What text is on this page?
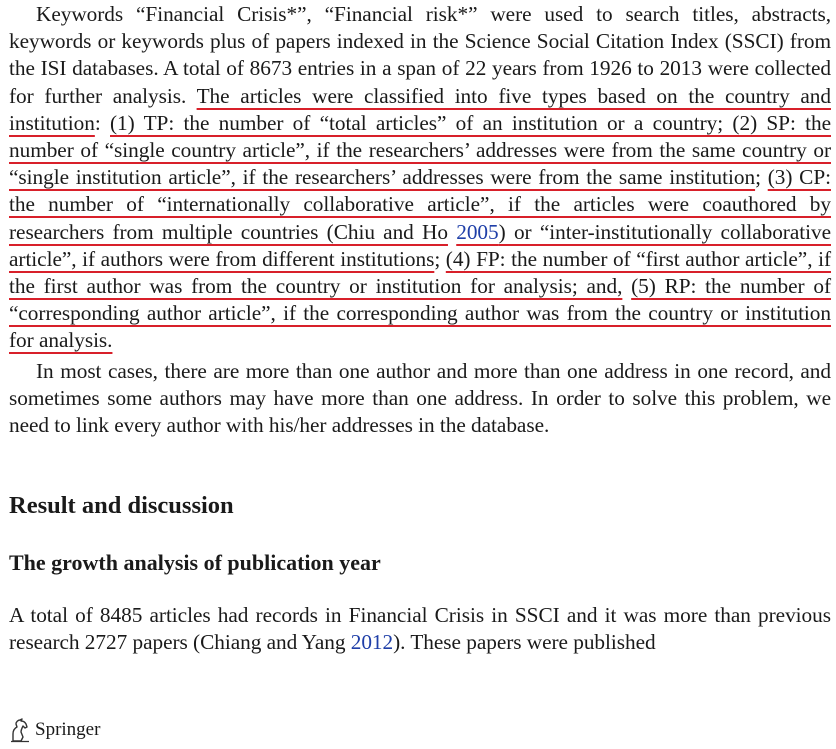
Keywords “Financial Crisis*”, “Financial risk*” were used to search titles, abstracts, keywords or keywords plus of papers indexed in the Science Social Citation Index (SSCI) from the ISI databases. A total of 8673 entries in a span of 22 years from 1926 to 2013 were collected for further analysis. The articles were classified into five types based on the country and institution: (1) TP: the number of “total articles” of an institution or a country; (2) SP: the number of “single country article”, if the researchers’ addresses were from the same country or “single institution article”, if the researchers’ addresses were from the same institution; (3) CP: the number of “internationally collaborative article”, if the articles were coauthored by researchers from multiple countries (Chiu and Ho 2005) or “inter-institutionally collaborative article”, if authors were from different institutions; (4) FP: the number of “first author article”, if the first author was from the country or institution for analysis; and, (5) RP: the number of “corresponding author article”, if the corresponding author was from the country or institution for analysis.

In most cases, there are more than one author and more than one address in one record, and sometimes some authors may have more than one address. In order to solve this problem, we need to link every author with his/her addresses in the database.

Result and discussion
The growth analysis of publication year

A total of 8485 articles had records in Financial Crisis in SSCI and it was more than previous research 2727 papers (Chiang and Yang 2012). These papers were published

Springer
